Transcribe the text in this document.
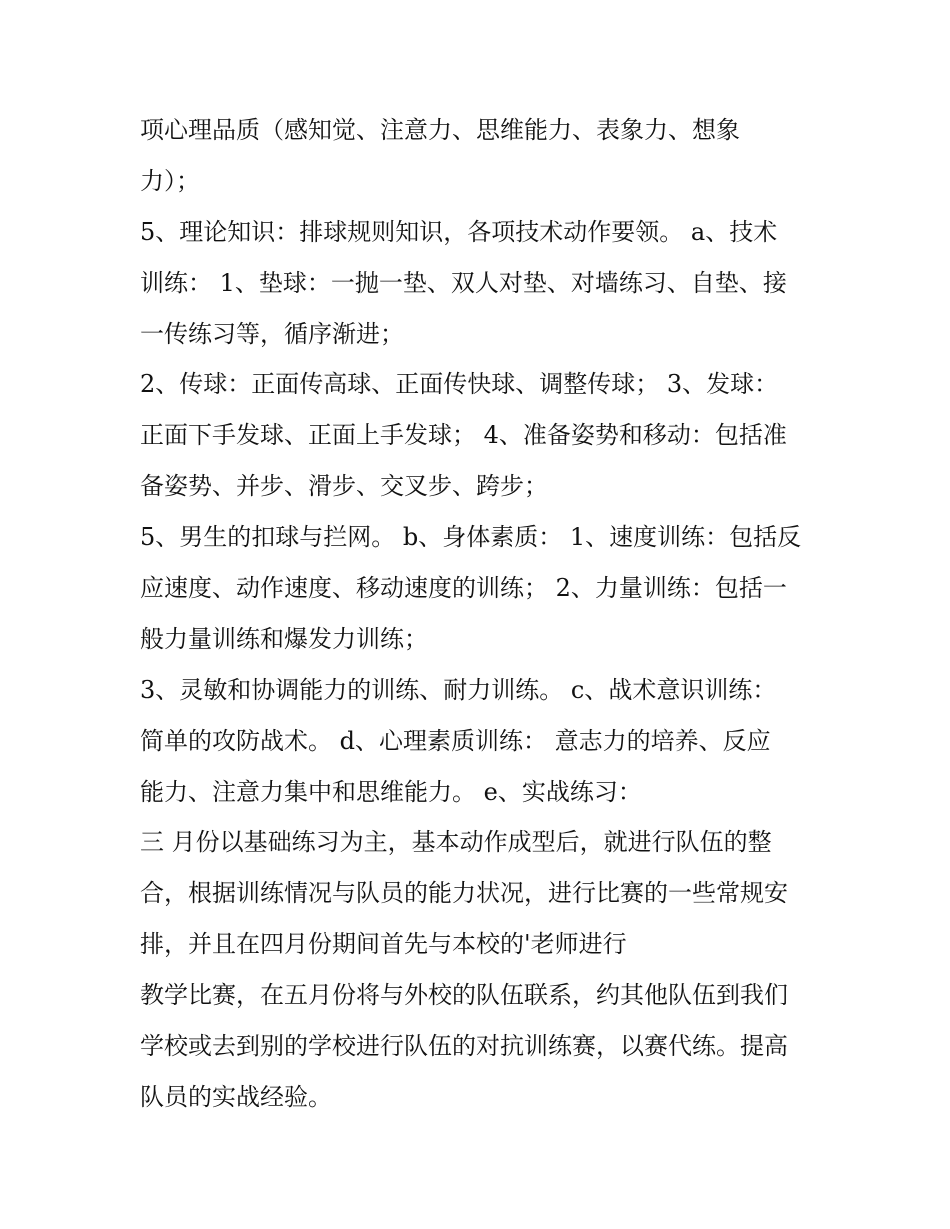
项心理品质（感知觉、注意力、思维能力、表象力、想象
力）；
5、理论知识：排球规则知识，各项技术动作要领。 a、技术
训练： 1、垫球：一抛一垫、双人对垫、对墙练习、自垫、接
一传练习等，循序渐进；
2、传球：正面传高球、正面传快球、调整传球； 3、发球：
正面下手发球、正面上手发球； 4、准备姿势和移动：包括准
备姿势、并步、滑步、交叉步、跨步；
5、男生的扣球与拦网。 b、身体素质： 1、速度训练：包括反
应速度、动作速度、移动速度的训练； 2、力量训练：包括一
般力量训练和爆发力训练；
3、灵敏和协调能力的训练、耐力训练。 c、战术意识训练：
简单的攻防战术。 d、心理素质训练： 意志力的培养、反应
能力、注意力集中和思维能力。 e、实战练习：
三 月份以基础练习为主，基本动作成型后，就进行队伍的整
合，根据训练情况与队员的能力状况，进行比赛的一些常规安
排，并且在四月份期间首先与本校的'老师进行
教学比赛，在五月份将与外校的队伍联系，约其他队伍到我们
学校或去到别的学校进行队伍的对抗训练赛，以赛代练。提高
队员的实战经验。
